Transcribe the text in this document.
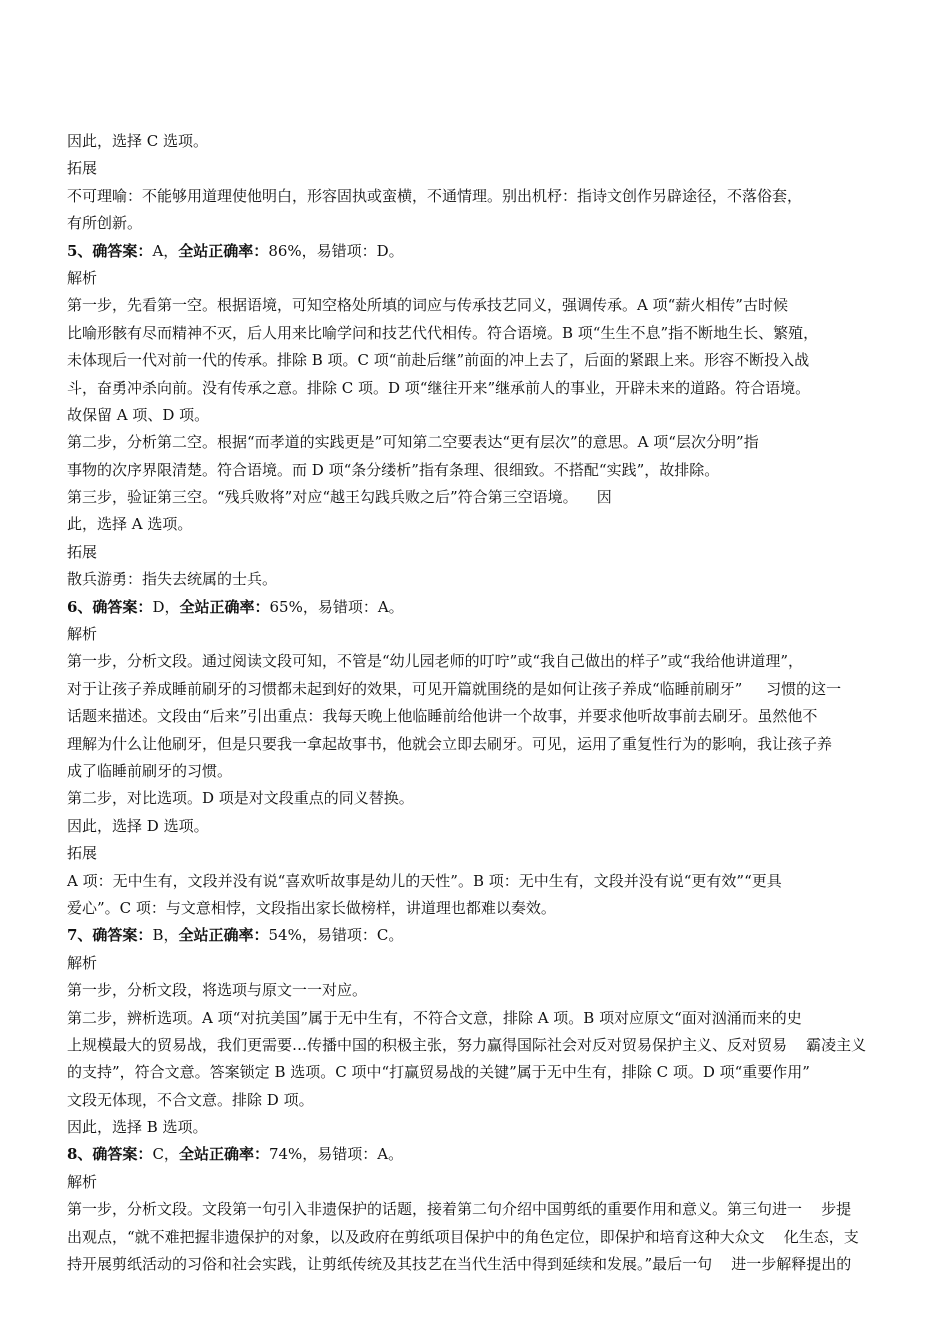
因此，选择 C 选项。
拓展
不可理喻：不能够用道理使他明白，形容固执或蛮横，不通情理。别出机杼：指诗文创作另辟途径，不落俗套，
有所创新。
5、确答案：A，全站正确率：86%，易错项：D。
解析
第一步，先看第一空。根据语境，可知空格处所填的词应与传承技艺同义，强调传承。A 项“薪火相传”古时候
比喻形骸有尽而精神不灭，后人用来比喻学问和技艺代代相传。符合语境。B 项“生生不息”指不断地生长、繁殖，
未体现后一代对前一代的传承。排除 B 项。C 项“前赴后继”前面的冲上去了，后面的紧跟上来。形容不断投入战
斗，奋勇冲杀向前。没有传承之意。排除 C 项。D 项“继往开来”继承前人的事业，开辟未来的道路。符合语境。
故保留 A 项、D 项。
第二步，分析第二空。根据“而孝道的实践更是”可知第二空要表达“更有层次”的意思。A 项“层次分明”指
事物的次序界限清楚。符合语境。而 D 项“条分缕析”指有条理、很细致。不搭配“实践”，故排除。
第三步，验证第三空。“残兵败将”对应“越王勾践兵败之后”符合第三空语境。    因
此，选择 A 选项。
拓展
散兵游勇：指失去统属的士兵。
6、确答案：D，全站正确率：65%，易错项：A。
解析
第一步，分析文段。通过阅读文段可知，不管是“幼儿园老师的叮咛”或“我自己做出的样子”或“我给他讲道理”，
对于让孩子养成睡前刷牙的习惯都未起到好的效果，可见开篇就围绕的是如何让孩子养成“临睡前刷牙”     习惯的这一
话题来描述。文段由“后来”引出重点：我每天晚上他临睡前给他讲一个故事，并要求他听故事前去刷牙。虽然他不
理解为什么让他刷牙，但是只要我一拿起故事书，他就会立即去刷牙。可见，运用了重复性行为的影响，我让孩子养
成了临睡前刷牙的习惯。
第二步，对比选项。D 项是对文段重点的同义替换。
因此，选择 D 选项。
拓展
A 项：无中生有，文段并没有说“喜欢听故事是幼儿的天性”。B 项：无中生有，文段并没有说“更有效”“更具
爱心”。C 项：与文意相悖，文段指出家长做榜样，讲道理也都难以奏效。
7、确答案：B，全站正确率：54%，易错项：C。
解析
第一步，分析文段，将选项与原文一一对应。
第二步，辨析选项。A 项“对抗美国”属于无中生有，不符合文意，排除 A 项。B 项对应原文“面对汹涌而来的史
上规模最大的贸易战，我们更需要…传播中国的积极主张，努力赢得国际社会对反对贸易保护主义、反对贸易    霸凌主义
的支持”，符合文意。答案锁定 B 选项。C 项中“打赢贸易战的关键”属于无中生有，排除 C 项。D 项“重要作用”
文段无体现，不合文意。排除 D 项。
因此，选择 B 选项。
8、确答案：C，全站正确率：74%，易错项：A。
解析
第一步，分析文段。文段第一句引入非遗保护的话题，接着第二句介绍中国剪纸的重要作用和意义。第三句进一    步提
出观点，“就不难把握非遗保护的对象，以及政府在剪纸项目保护中的角色定位，即保护和培育这种大众文    化生态，支
持开展剪纸活动的习俗和社会实践，让剪纸传统及其技艺在当代生活中得到延续和发展。”最后一句    进一步解释提出的
